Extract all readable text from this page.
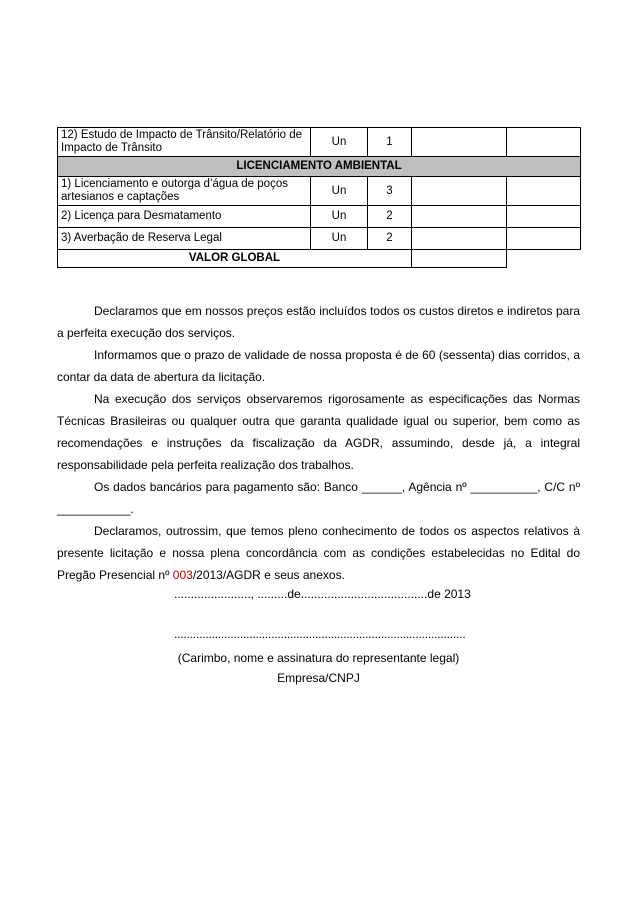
12) Estudo de Impacto de Trânsito/Relatório de Impacto de Trânsito	Un	1		
LICENCIAMENTO AMBIENTAL				
1) Licenciamento e outorga d’água de poços artesianos e captações	Un	3		
2) Licença para Desmatamento	Un	2		
3) Averbação de Reserva Legal	Un	2		
VALOR GLOBAL				

Declaramos que em nossos preços estão incluídos todos os custos diretos e indiretos para a perfeita execução dos serviços.

Informamos que o prazo de validade de nossa proposta é de 60 (sessenta) dias corridos, a contar da data de abertura da licitação.

Na execução dos serviços observaremos rigorosamente as especificações das Normas Técnicas Brasileiras ou qualquer outra que garanta qualidade igual ou superior, bem como as recomendações e instruções da fiscalização da AGDR, assumindo, desde já, a integral responsabilidade pela perfeita realização dos trabalhos.

Os dados bancários para pagamento são: Banco ______, Agência nº __________, C/C nº ___________.

Declaramos, outrossim, que temos pleno conhecimento de todos os aspectos relativos à presente licitação e nossa plena concordância com as condições estabelecidas no Edital do Pregão Presencial nº 003/2013/AGDR e seus anexos.

......................., .........de......................................de 2013
.............................................................................................
(Carimbo, nome e assinatura do representante legal)
Empresa/CNPJ
